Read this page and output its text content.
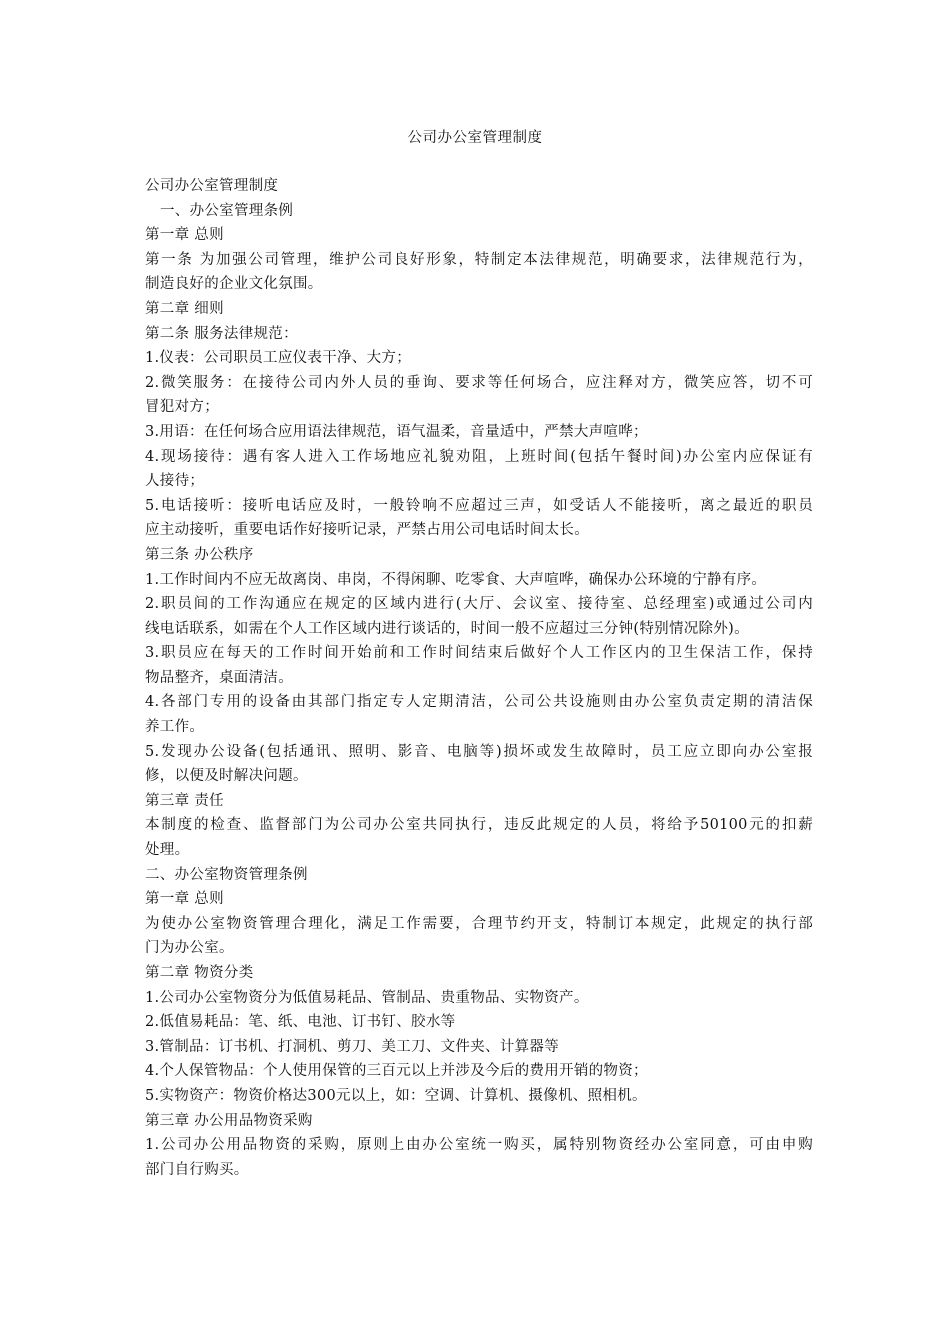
公司办公室管理制度
公司办公室管理制度
一、办公室管理条例
第一章 总则
第一条 为加强公司管理，维护公司良好形象，特制定本法律规范，明确要求，法律规范行为，
制造良好的企业文化氛围。
第二章 细则
第二条 服务法律规范：
1.仪表：公司职员工应仪表干净、大方；
2.微笑服务：在接待公司内外人员的垂询、要求等任何场合，应注释对方，微笑应答，切不可
冒犯对方；
3.用语：在任何场合应用语法律规范，语气温柔，音量适中，严禁大声喧哗；
4.现场接待：遇有客人进入工作场地应礼貌劝阻，上班时间(包括午餐时间)办公室内应保证有
人接待；
5.电话接听：接听电话应及时，一般铃响不应超过三声，如受话人不能接听，离之最近的职员
应主动接听，重要电话作好接听记录，严禁占用公司电话时间太长。
第三条 办公秩序
1.工作时间内不应无故离岗、串岗，不得闲聊、吃零食、大声喧哗，确保办公环境的宁静有序。
2.职员间的工作沟通应在规定的区域内进行(大厅、会议室、接待室、总经理室)或通过公司内
线电话联系，如需在个人工作区域内进行谈话的，时间一般不应超过三分钟(特别情况除外)。
3.职员应在每天的工作时间开始前和工作时间结束后做好个人工作区内的卫生保洁工作，保持
物品整齐，桌面清洁。
4.各部门专用的设备由其部门指定专人定期清洁，公司公共设施则由办公室负责定期的清洁保
养工作。
5.发现办公设备(包括通讯、照明、影音、电脑等)损坏或发生故障时，员工应立即向办公室报
修，以便及时解决问题。
第三章 责任
本制度的检查、监督部门为公司办公室共同执行，违反此规定的人员，将给予50100元的扣薪
处理。
二、办公室物资管理条例
第一章 总则
为使办公室物资管理合理化，满足工作需要，合理节约开支，特制订本规定，此规定的执行部
门为办公室。
第二章 物资分类
1.公司办公室物资分为低值易耗品、管制品、贵重物品、实物资产。
2.低值易耗品：笔、纸、电池、订书钉、胶水等
3.管制品：订书机、打洞机、剪刀、美工刀、文件夹、计算器等
4.个人保管物品：个人使用保管的三百元以上并涉及今后的费用开销的物资；
5.实物资产：物资价格达300元以上，如：空调、计算机、摄像机、照相机。
第三章 办公用品物资采购
1.公司办公用品物资的采购，原则上由办公室统一购买，属特别物资经办公室同意，可由申购
部门自行购买。
